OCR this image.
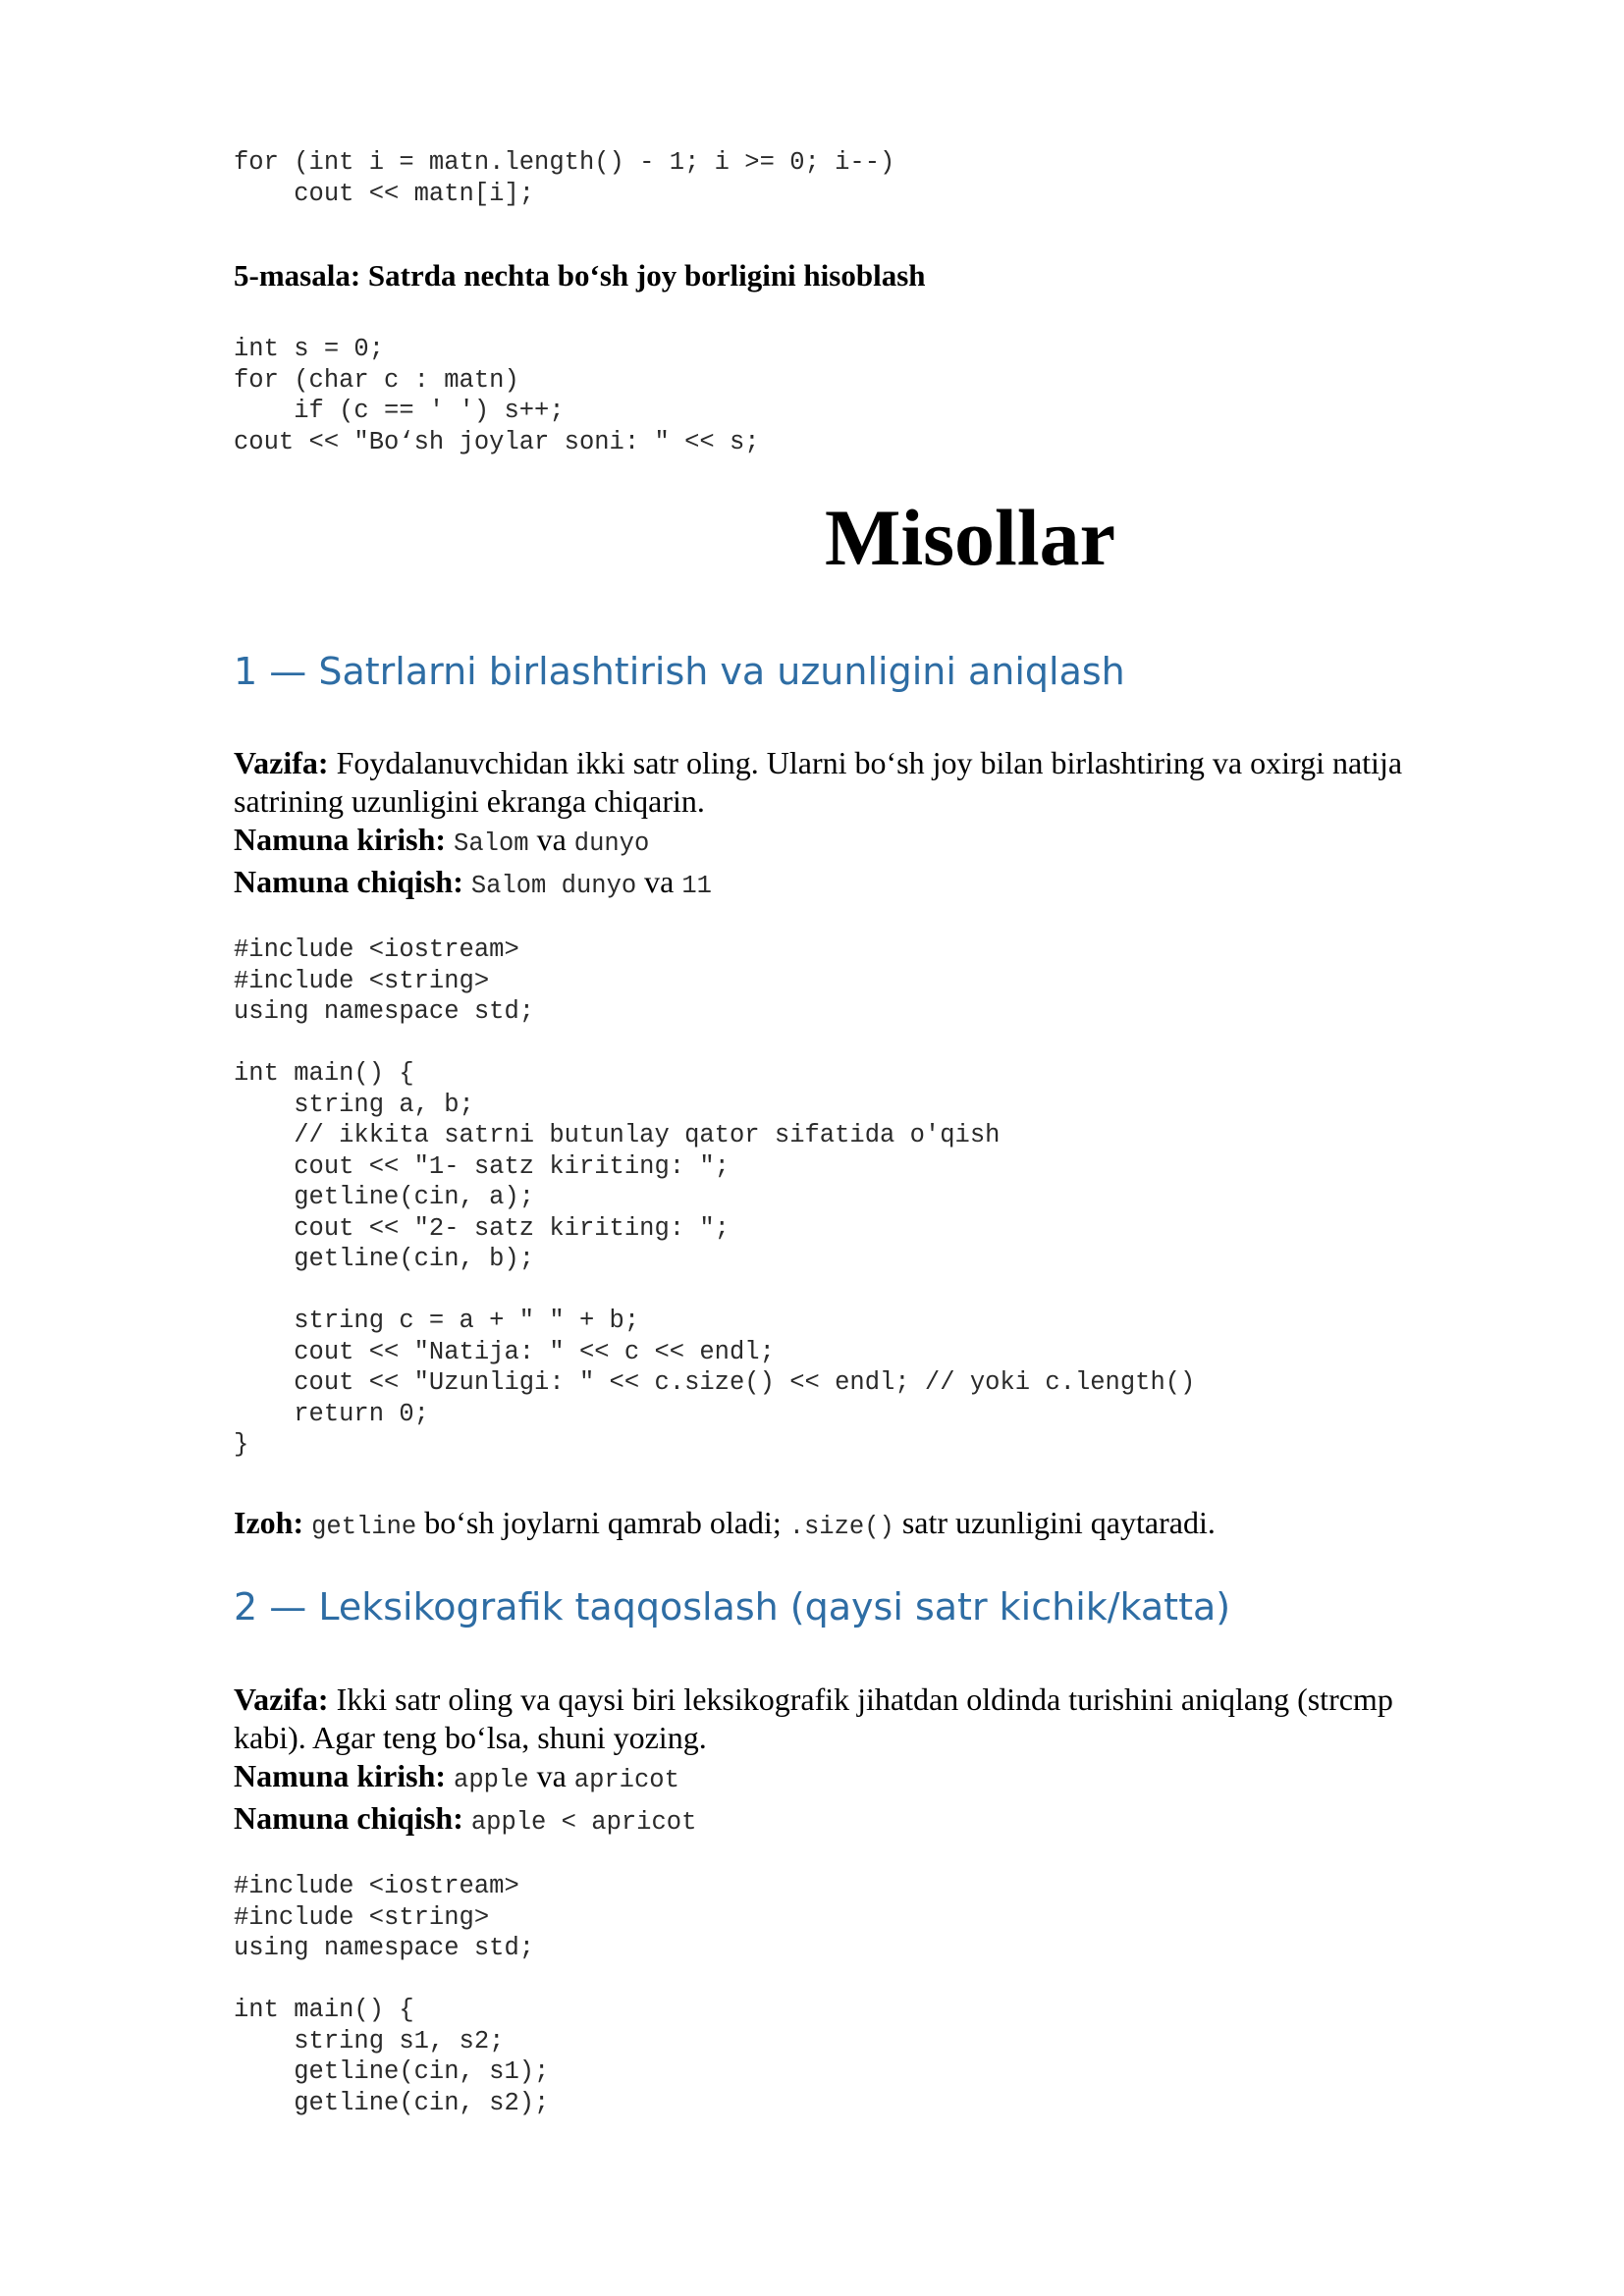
for (int i = matn.length() - 1; i >= 0; i--)
cout << matn[i];

5-masala: Satrda nechta bo‘sh joy borligini hisoblash

int s = 0;
for (char c : matn)
if (c == ' ') s++;
cout << "Bo‘sh joylar soni: " << s;
Misollar
1 — Satrlarni birlashtirish va uzunligini aniqlash

Vazifa: Foydalanuvchidan ikki satr oling. Ularni bo‘sh joy bilan birlashtiring va oxirgi natija satrining uzunligini ekranga chiqarin.

Namuna kirish: Salom va dunyo

Namuna chiqish: Salom dunyo va 11

#include <iostream>
#include <string>
using namespace std;

int main() {
string a, b;
// ikkita satrni butunlay qator sifatida o'qish
cout << "1- satz kiriting: ";
getline(cin, a);
cout << "2- satz kiriting: ";
getline(cin, b);

string c = a + " " + b;
cout << "Natija: " << c << endl;
cout << "Uzunligi: " << c.size() << endl; // yoki c.length()
return 0;
}

Izoh: getline bo‘sh joylarni qamrab oladi; .size() satr uzunligini qaytaradi.

2 — Leksikografik taqqoslash (qaysi satr kichik/katta)

Vazifa: Ikki satr oling va qaysi biri leksikografik jihatdan oldinda turishini aniqlang (strcmp kabi). Agar teng bo‘lsa, shuni yozing.

Namuna kirish: apple va apricot

Namuna chiqish: apple < apricot

#include <iostream>
#include <string>
using namespace std;

int main() {
string s1, s2;
getline(cin, s1);
getline(cin, s2);
